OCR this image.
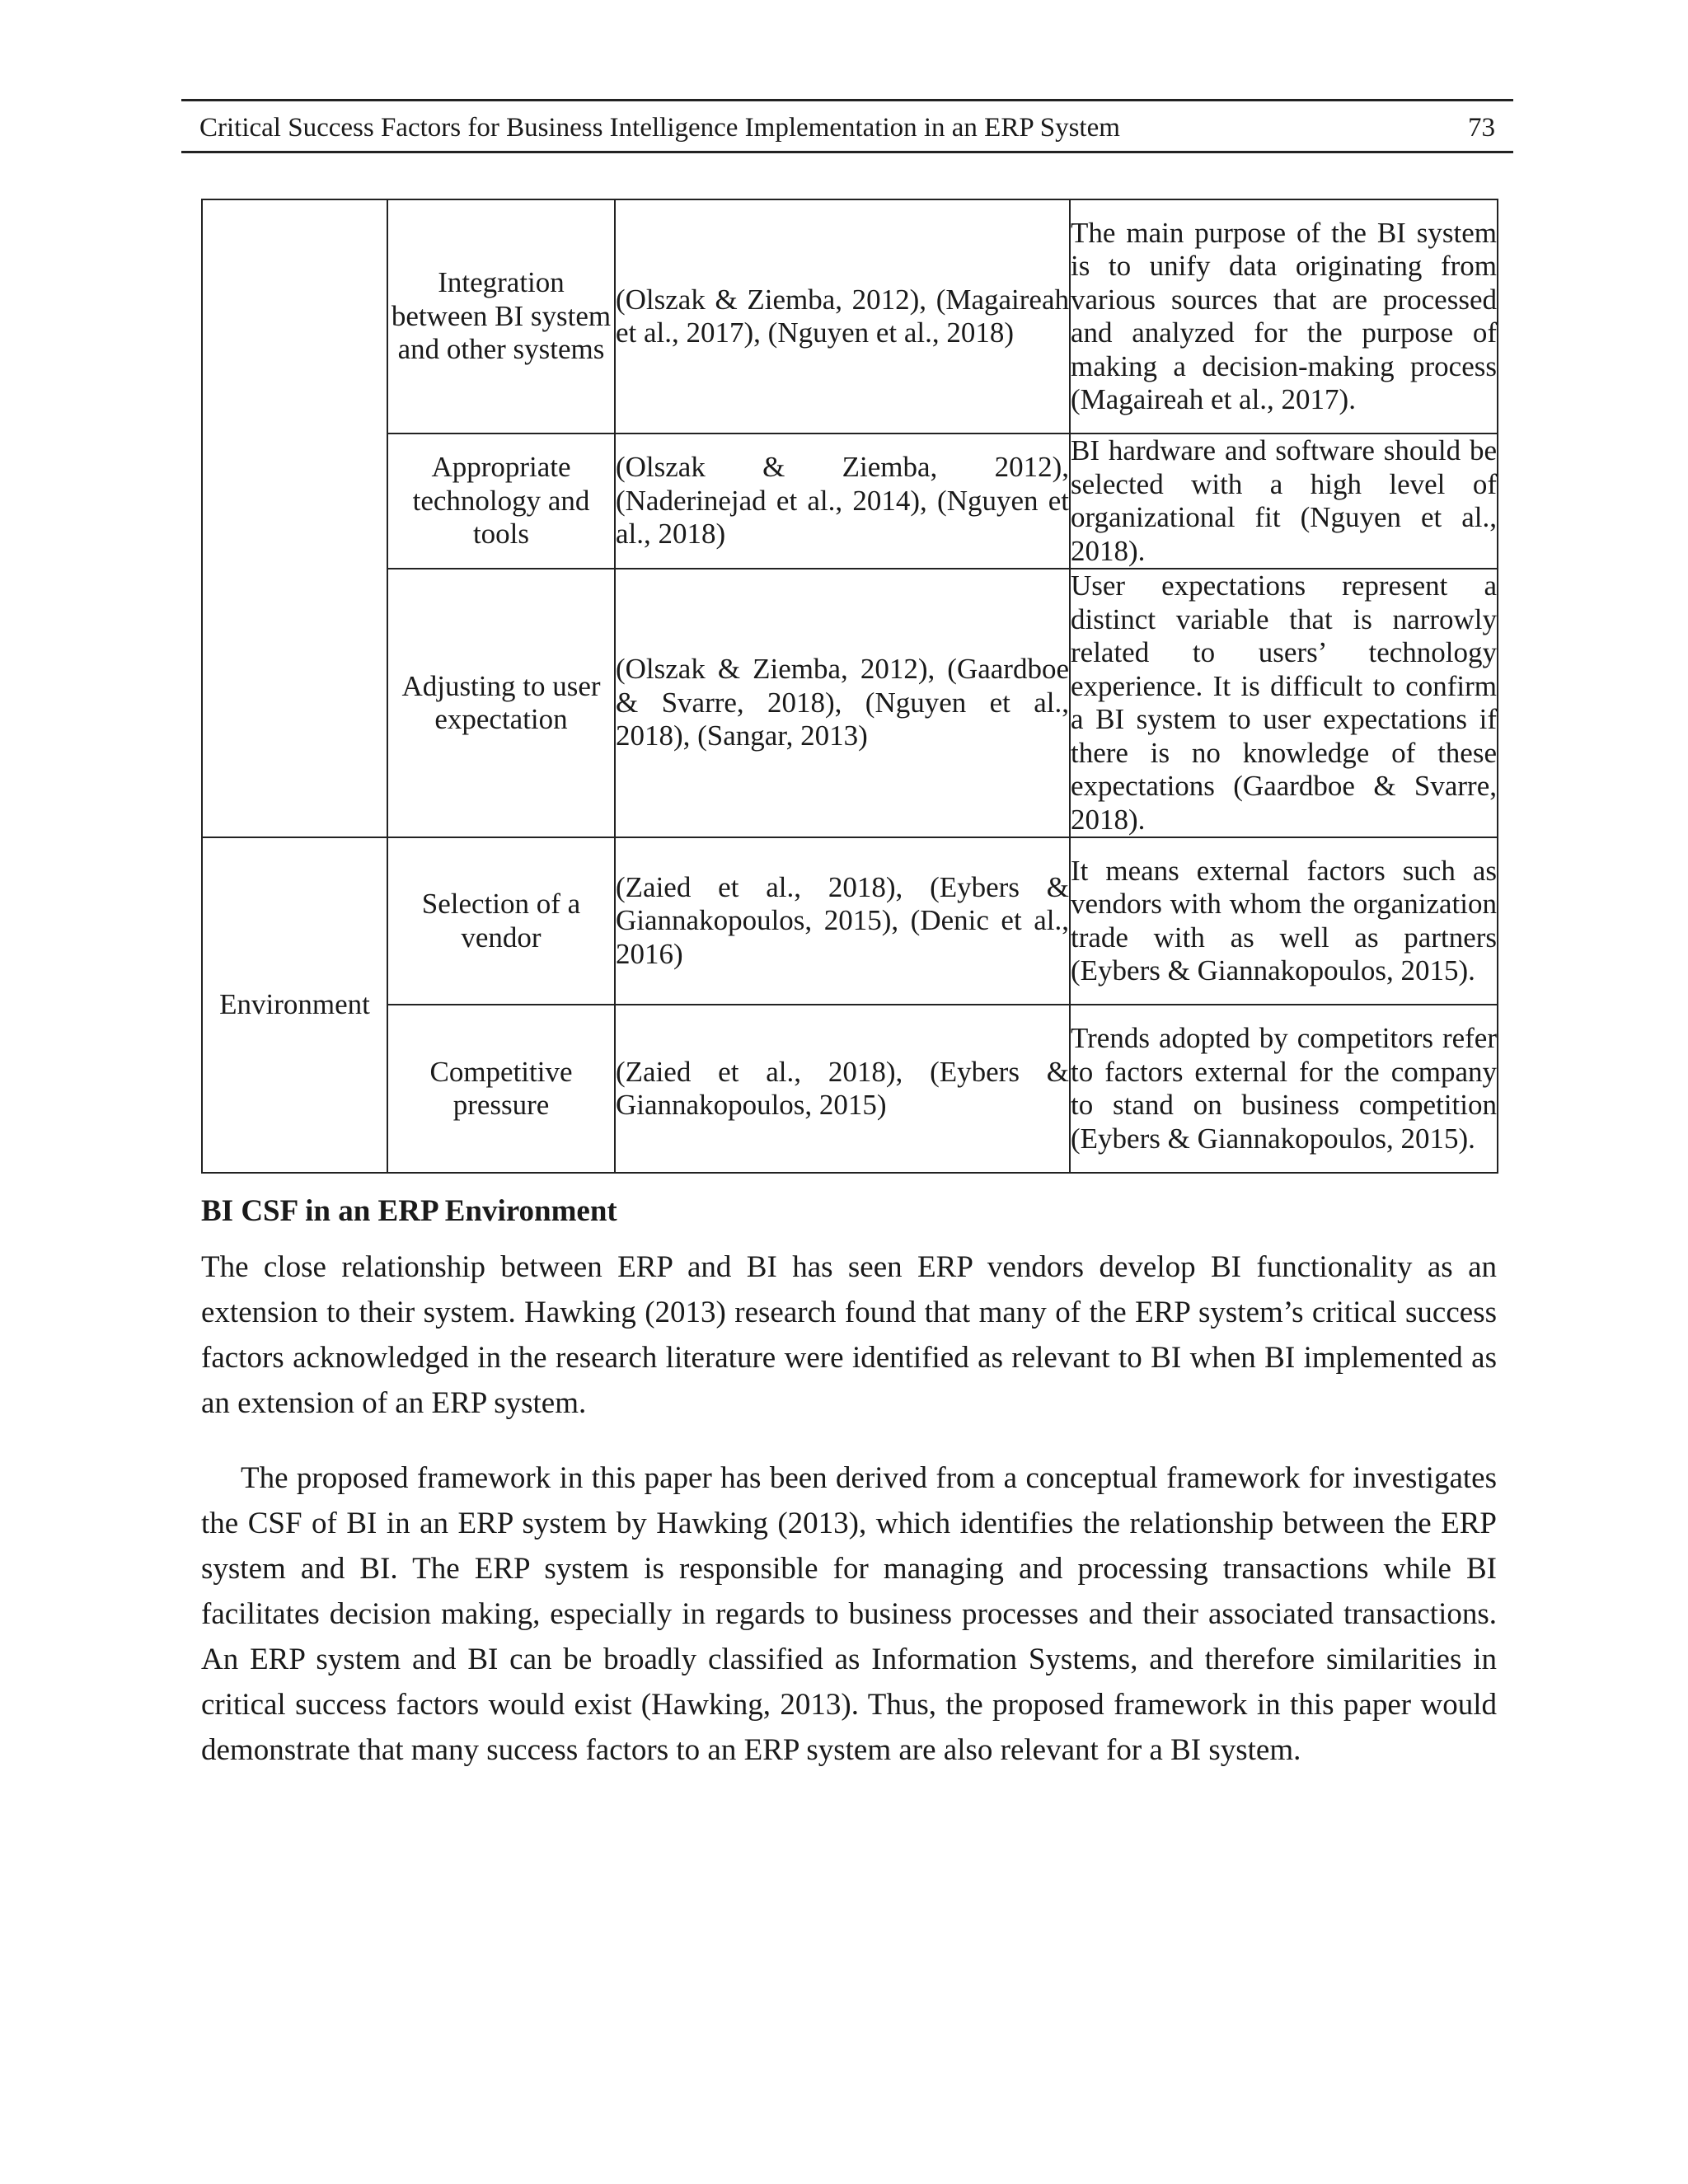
Critical Success Factors for Business Intelligence Implementation in an ERP System	73
	Integration between BI system and other systems	(Olszak & Ziemba, 2012), (Magaireah et al., 2017), (Nguyen et al., 2018)	The main purpose of the BI system is to unify data originating from various sources that are processed and analyzed for the purpose of making a decision-making process (Magaireah et al., 2017).
	Appropriate technology and tools	(Olszak & Ziemba, 2012), (Naderinejad et al., 2014), (Nguyen et al., 2018)	BI hardware and software should be selected with a high level of organizational fit (Nguyen et al., 2018).
	Adjusting to user expectation	(Olszak & Ziemba, 2012), (Gaardboe & Svarre, 2018), (Nguyen et al., 2018), (Sangar, 2013)	User expectations represent a distinct variable that is narrowly related to users’ technology experience. It is difficult to confirm a BI system to user expectations if there is no knowledge of these expectations (Gaardboe & Svarre, 2018).
Environment	Selection of a vendor	(Zaied et al., 2018), (Eybers & Giannakopoulos, 2015), (Denic et al., 2016)	It means external factors such as vendors with whom the organization trade with as well as partners (Eybers & Giannakopoulos, 2015).
	Competitive pressure	(Zaied et al., 2018), (Eybers & Giannakopoulos, 2015)	Trends adopted by competitors refer to factors external for the company to stand on business competition (Eybers & Giannakopoulos, 2015).
BI CSF in an ERP Environment

The close relationship between ERP and BI has seen ERP vendors develop BI functionality as an extension to their system. Hawking (2013) research found that many of the ERP system’s critical success factors acknowledged in the research literature were identified as relevant to BI when BI implemented as an extension of an ERP system.

The proposed framework in this paper has been derived from a conceptual framework for investigates the CSF of BI in an ERP system by Hawking (2013), which identifies the relationship between the ERP system and BI. The ERP system is responsible for managing and processing transactions while BI facilitates decision making, especially in regards to business processes and their associated transactions. An ERP system and BI can be broadly classified as Information Systems, and therefore similarities in critical success factors would exist (Hawking, 2013). Thus, the proposed framework in this paper would demonstrate that many success factors to an ERP system are also relevant for a BI system.
